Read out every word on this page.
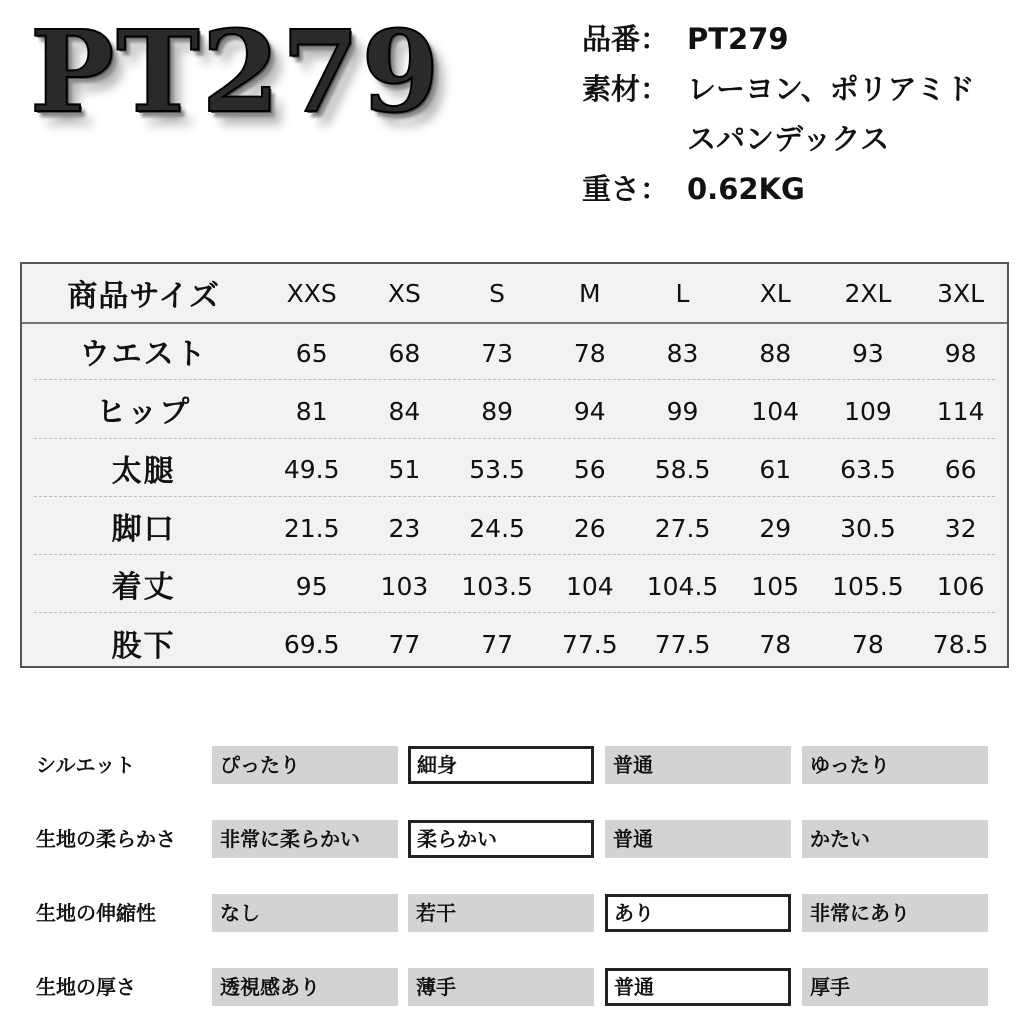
PT279	品番： PT279
素材： レーヨン、ポリアミド
スパンデックス
重さ： 0.62KG
商品サイズ	XXS	XS	S	M	L	XL	2XL	3XL
ウエスト	65	68	73	78	83	88	93	98
ヒップ	81	84	89	94	99	104	109	114
太腿	49.5	51	53.5	56	58.5	61	63.5	66
脚口	21.5	23	24.5	26	27.5	29	30.5	32
着丈	95	103	103.5	104	104.5	105	105.5	106
股下	69.5	77	77	77.5	77.5	78	78	78.5
シルエット	ぴったり	細身	普通	ゆったり
生地の柔らかさ	非常に柔らかい	柔らかい	普通	かたい
生地の伸縮性	なし	若干	あり	非常にあり
生地の厚さ	透視感あり	薄手	普通	厚手
